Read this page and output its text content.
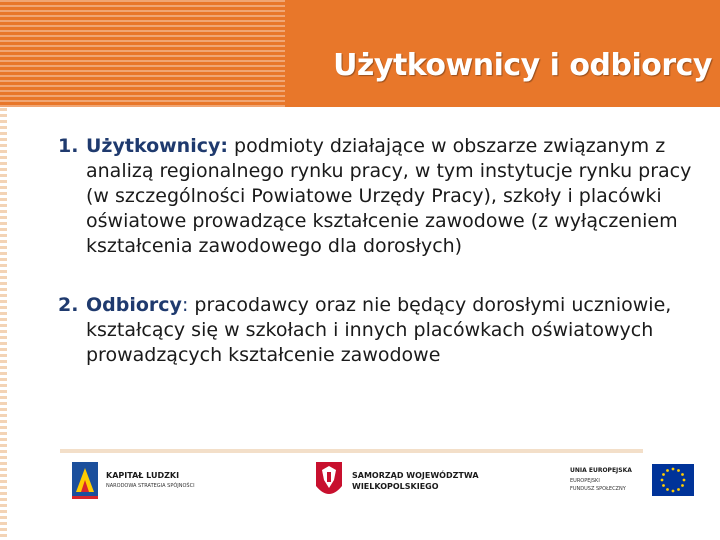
Użytkownicy i odbiorcy

1. Użytkownicy: podmioty działające w obszarze związanym z analizą regionalnego rynku pracy, w tym instytucje rynku pracy (w szczególności Powiatowe Urzędy Pracy), szkoły i placówki oświatowe prowadzące kształcenie zawodowe (z wyłączeniem kształcenia zawodowego dla dorosłych)

2. Odbiorcy: pracodawcy oraz nie będący dorosłymi uczniowie, kształcący się w szkołach i innych placówkach oświatowych prowadzących kształcenie zawodowe

KAPITAŁ LUDZKI
NARODOWA STRATEGIA SPÓJNOŚCI
SAMORZĄD WOJEWÓDZTWA
WIELKOPOLSKIEGO
UNIA EUROPEJSKA
EUROPEJSKI
FUNDUSZ SPOŁECZNY
